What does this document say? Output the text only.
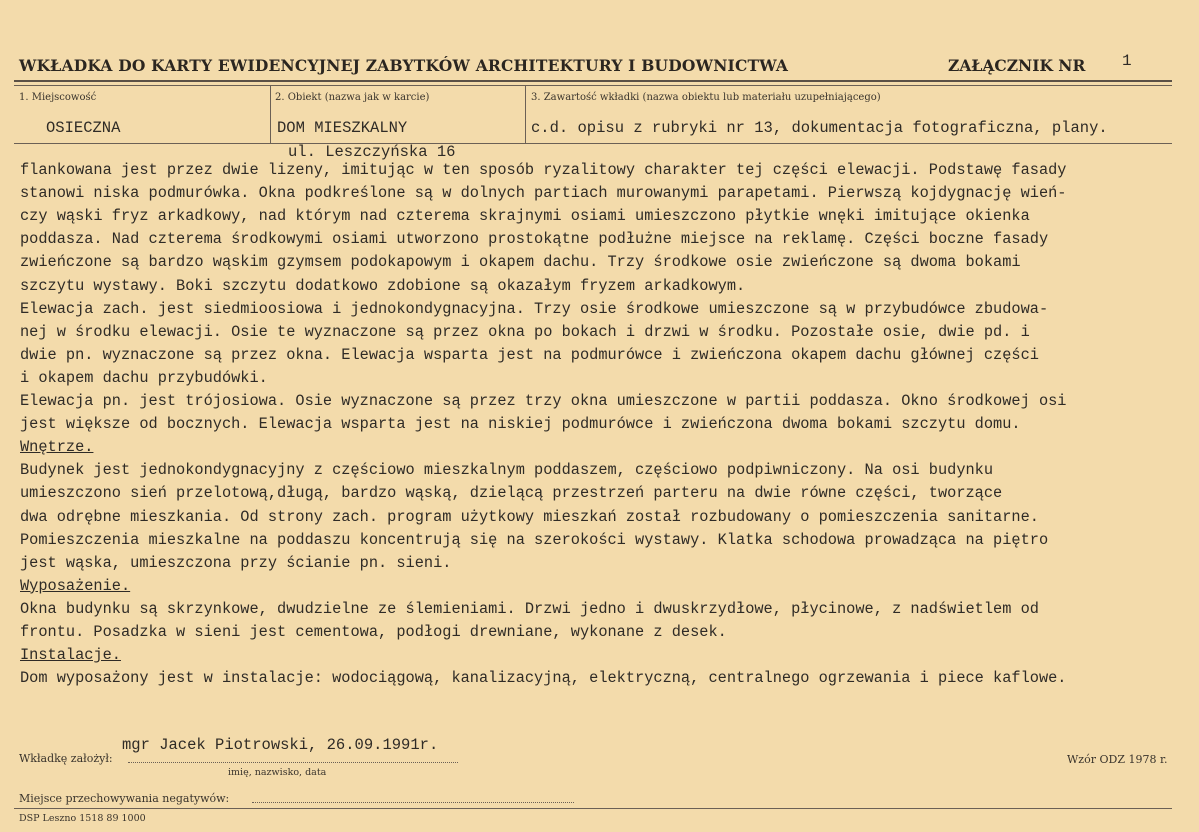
WKŁADKA DO KARTY EWIDENCYJNEJ ZABYTKÓW ARCHITEKTURY I BUDOWNICTWA	ZAŁĄCZNIK NR 1
1. Miejscowość	2. Obiekt (nazwa jak w karcie)	3. Zawartość wkładki (nazwa obiektu lub materiału uzupełniającego)
OSIECZNA	DOM MIESZKALNY	c.d. opisu z rubryki nr 13, dokumentacja fotograficzna, plany.
ul. Leszczyńska 16
flankowana jest przez dwie lizeny, imitując w ten sposób ryzalitowy charakter tej części elewacji. Podstawę fasady
stanowi niska podmurówka. Okna podkreślone są w dolnych partiach murowanymi parapetami. Pierwszą kojdygnację wień-
czy wąski fryz arkadkowy, nad którym nad czterema skrajnymi osiami umieszczono płytkie wnęki imitujące okienka
poddasza. Nad czterema środkowymi osiami utworzono prostokątne podłużne miejsce na reklamę. Części boczne fasady
zwieńczone są bardzo wąskim gzymsem podokapowym i okapem dachu. Trzy środkowe osie zwieńczone są dwoma bokami
szczytu wystawy. Boki szczytu dodatkowo zdobione są okazałym fryzem arkadkowym.
Elewacja zach. jest siedmioosiowa i jednokondygnacyjna. Trzy osie środkowe umieszczone są w przybudówce zbudowa-
nej w środku elewacji. Osie te wyznaczone są przez okna po bokach i drzwi w środku. Pozostałe osie, dwie pd. i
dwie pn. wyznaczone są przez okna. Elewacja wsparta jest na podmurówce i zwieńczona okapem dachu głównej części
i okapem dachu przybudówki.
Elewacja pn. jest trójosiowa. Osie wyznaczone są przez trzy okna umieszczone w partii poddasza. Okno środkowej osi
jest większe od bocznych. Elewacja wsparta jest na niskiej podmurówce i zwieńczona dwoma bokami szczytu domu.
Wnętrze.
Budynek jest jednokondygnacyjny z częściowo mieszkalnym poddaszem, częściowo podpiwniczony. Na osi budynku
umieszczono sień przelotową,długą, bardzo wąską, dzielącą przestrzeń parteru na dwie równe części, tworzące
dwa odrębne mieszkania. Od strony zach. program użytkowy mieszkań został rozbudowany o pomieszczenia sanitarne.
Pomieszczenia mieszkalne na poddaszu koncentrują się na szerokości wystawy. Klatka schodowa prowadząca na piętro
jest wąska, umieszczona przy ścianie pn. sieni.
Wyposażenie.
Okna budynku są skrzynkowe, dwudzielne ze ślemieniami. Drzwi jedno i dwuskrzydłowe, płycinowe, z nadświetlem od
frontu. Posadzka w sieni jest cementowa, podłogi drewniane, wykonane z desek.
Instalacje.
Dom wyposażony jest w instalacje: wodociągową, kanalizacyjną, elektryczną, centralnego ogrzewania i piece kaflowe.
Wkładkę założył:
mgr Jacek Piotrowski, 26.09.1991r.
imię, nazwisko, data
Wzór ODZ 1978 r.
Miejsce przechowywania negatywów:
DSP Leszno 1518 89 1000
